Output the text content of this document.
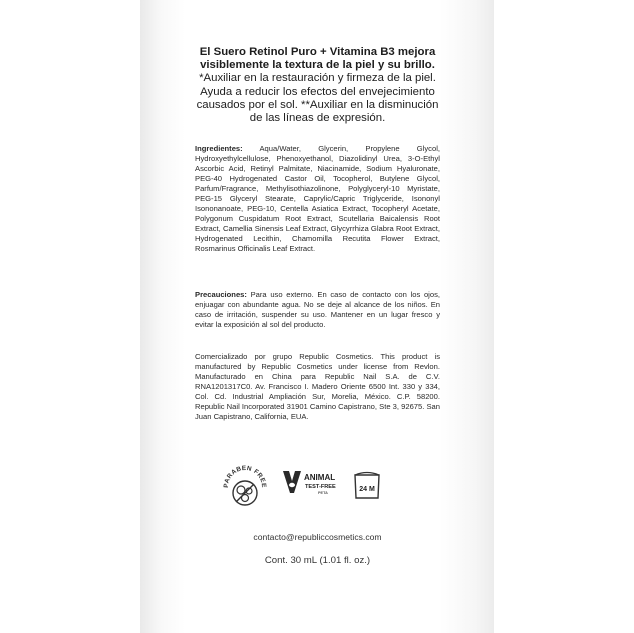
El Suero Retinol Puro + Vitamina B3 mejora visiblemente la textura de la piel y su brillo. *Auxiliar en la restauración y firmeza de la piel. Ayuda a reducir los efectos del envejecimiento causados por el sol. **Auxiliar en la disminución de las líneas de expresión.
Ingredientes: Aqua/Water, Glycerin, Propylene Glycol, Hydroxyethylcellulose, Phenoxyethanol, Diazolidinyl Urea, 3-O-Ethyl Ascorbic Acid, Retinyl Palmitate, Niacinamide, Sodium Hyaluronate, PEG-40 Hydrogenated Castor Oil, Tocopherol, Butylene Glycol, Parfum/Fragrance, Methylisothiazolinone, Polyglyceryl-10 Myristate, PEG-15 Glyceryl Stearate, Caprylic/Capric Triglyceride, Isononyl Isononanoate, PEG-10, Centella Asiatica Extract, Tocopheryl Acetate, Polygonum Cuspidatum Root Extract, Scutellaria Baicalensis Root Extract, Camellia Sinensis Leaf Extract, Glycyrrhiza Glabra Root Extract, Hydrogenated Lecithin, Chamomilla Recutita Flower Extract, Rosmarinus Officinalis Leaf Extract.
Precauciones: Para uso externo. En caso de contacto con los ojos, enjuagar con abundante agua. No se deje al alcance de los niños. En caso de irritación, suspender su uso. Mantener en un lugar fresco y evitar la exposición al sol del producto.
Comercializado por grupo Republic Cosmetics. This product is manufactured by Republic Cosmetics under license from Revlon. Manufacturado en China para Republic Nail S.A. de C.V. RNA1201317C0. Av. Francisco I. Madero Oriente 6500 Int. 330 y 334, Col. Cd. Industrial Ampliación Sur, Morelia, México. C.P. 58200. Republic Nail Incorporated 31901 Camino Capistrano, Ste 3, 92675. San Juan Capistrano, California, EUA.
PARABEN FREE
ANIMAL
TEST-FREE
PETA	24 M
contacto@republiccosmetics.com
Cont. 30 mL (1.01 fl. oz.)
